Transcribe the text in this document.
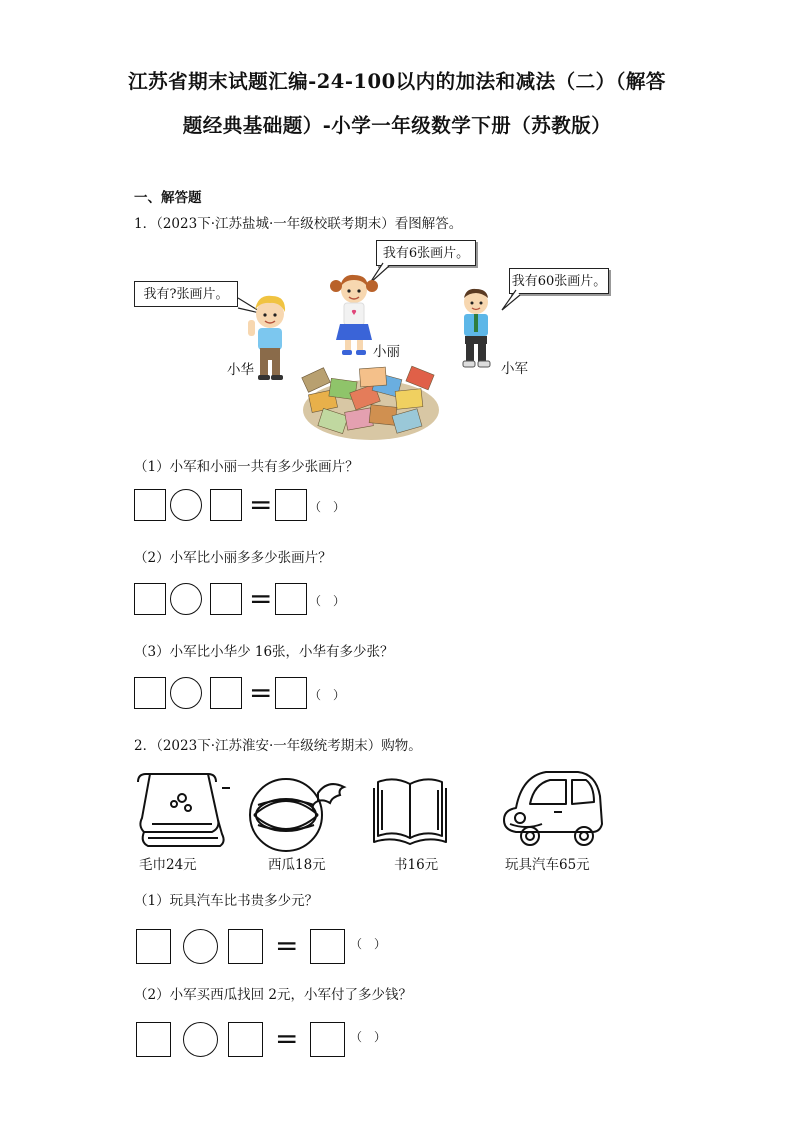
江苏省期末试题汇编-24-100以内的加法和减法（二）（解答
题经典基础题）-小学一年级数学下册（苏教版）
一、解答题
1．（2023下·江苏盐城·一年级校联考期末）看图解答。
我有?张画片。
我有6张画片。
我有60张画片。
小华
小丽
小军
（1）小军和小丽一共有多少张画片？
=	（　）
（2）小军比小丽多多少张画片？
=	（　）
（3）小军比小华少 16张，小华有多少张？
=	（　）
2．（2023下·江苏淮安·一年级统考期末）购物。
毛巾24元	西瓜18元	书16元	玩具汽车65元
（1）玩具汽车比书贵多少元？
=	（　）
（2）小军买西瓜找回 2元，小军付了多少钱？
=	（　）
